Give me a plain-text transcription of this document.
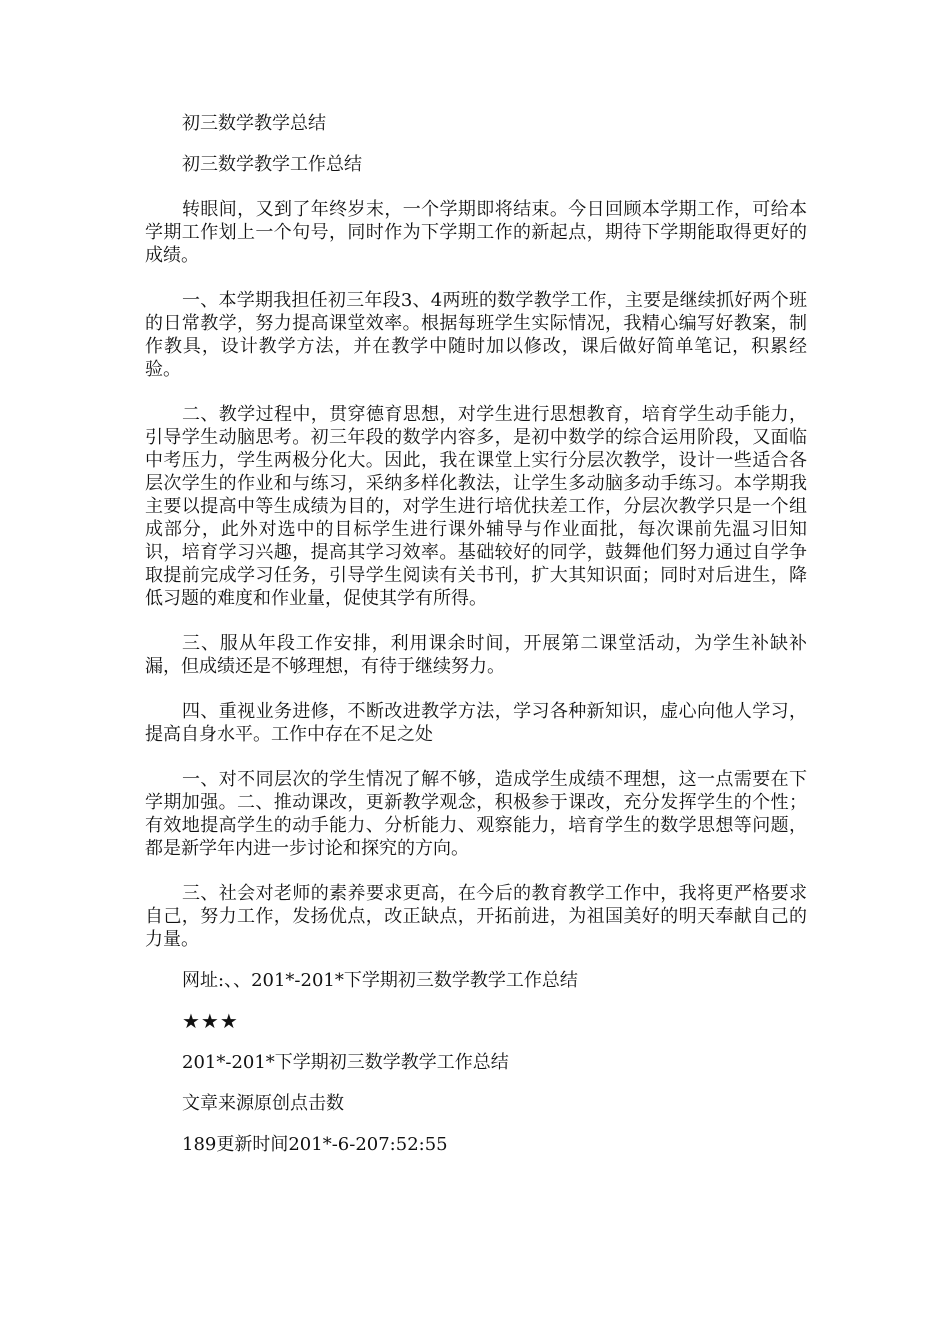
初三数学教学总结

初三数学教学工作总结

转眼间，又到了年终岁末，一个学期即将结束。今日回顾本学期工作，可给本学期工作划上一个句号，同时作为下学期工作的新起点，期待下学期能取得更好的成绩。

一、本学期我担任初三年段3、4两班的数学教学工作，主要是继续抓好两个班的日常教学，努力提高课堂效率。根据每班学生实际情况，我精心编写好教案，制作教具，设计教学方法，并在教学中随时加以修改，课后做好简单笔记，积累经验。

二、教学过程中，贯穿德育思想，对学生进行思想教育，培育学生动手能力，引导学生动脑思考。初三年段的数学内容多，是初中数学的综合运用阶段，又面临中考压力，学生两极分化大。因此，我在课堂上实行分层次教学，设计一些适合各层次学生的作业和与练习，采纳多样化教法，让学生多动脑多动手练习。本学期我主要以提高中等生成绩为目的，对学生进行培优扶差工作，分层次教学只是一个组成部分，此外对选中的目标学生进行课外辅导与作业面批，每次课前先温习旧知识，培育学习兴趣，提高其学习效率。基础较好的同学，鼓舞他们努力通过自学争取提前完成学习任务，引导学生阅读有关书刊，扩大其知识面；同时对后进生，降低习题的难度和作业量，促使其学有所得。

三、服从年段工作安排，利用课余时间，开展第二课堂活动，为学生补缺补漏，但成绩还是不够理想，有待于继续努力。

四、重视业务进修，不断改进教学方法，学习各种新知识，虚心向他人学习，提高自身水平。工作中存在不足之处

一、对不同层次的学生情况了解不够，造成学生成绩不理想，这一点需要在下学期加强。二、推动课改，更新教学观念，积极参于课改，充分发挥学生的个性；有效地提高学生的动手能力、分析能力、观察能力，培育学生的数学思想等问题，都是新学年内进一步讨论和探究的方向。

三、社会对老师的素养要求更高，在今后的教育教学工作中，我将更严格要求自己，努力工作，发扬优点，改正缺点，开拓前进，为祖国美好的明天奉献自己的力量。

网址:、、201*-201*下学期初三数学教学工作总结

★★★

201*-201*下学期初三数学教学工作总结

文章来源原创点击数

189更新时间201*-6-207:52:55
